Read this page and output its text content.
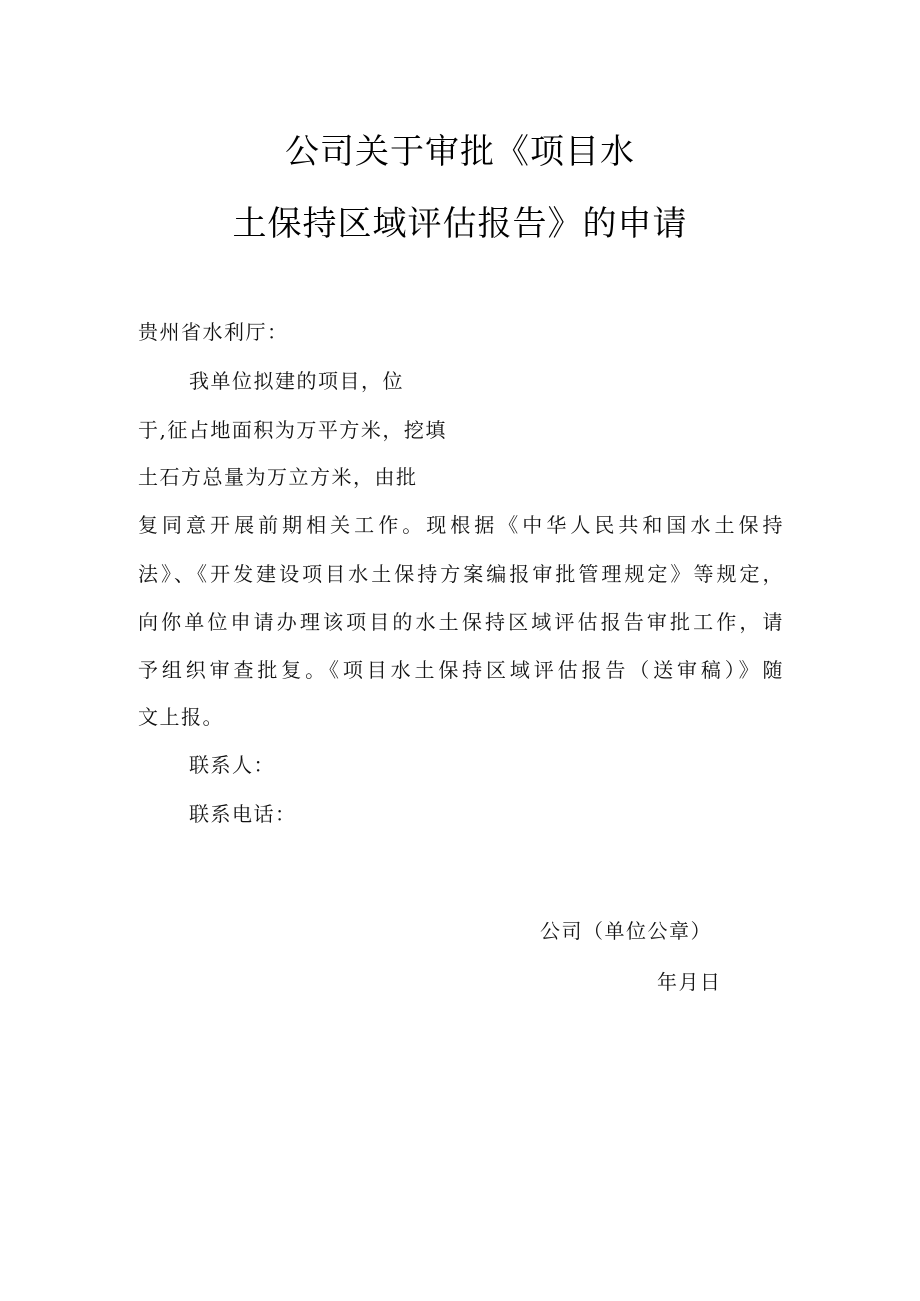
公司关于审批《项目水
土保持区域评估报告》的申请
贵州省水利厅：
我单位拟建的项目，位
于,征占地面积为万平方米，挖填
土石方总量为万立方米，由批
复同意开展前期相关工作。现根据《中华人民共和国水土保持
法》、《开发建设项目水土保持方案编报审批管理规定》等规定，
向你单位申请办理该项目的水土保持区域评估报告审批工作，请
予组织审查批复。《项目水土保持区域评估报告（送审稿）》随
文上报。
联系人：
联系电话：
公司（单位公章）
年月日
